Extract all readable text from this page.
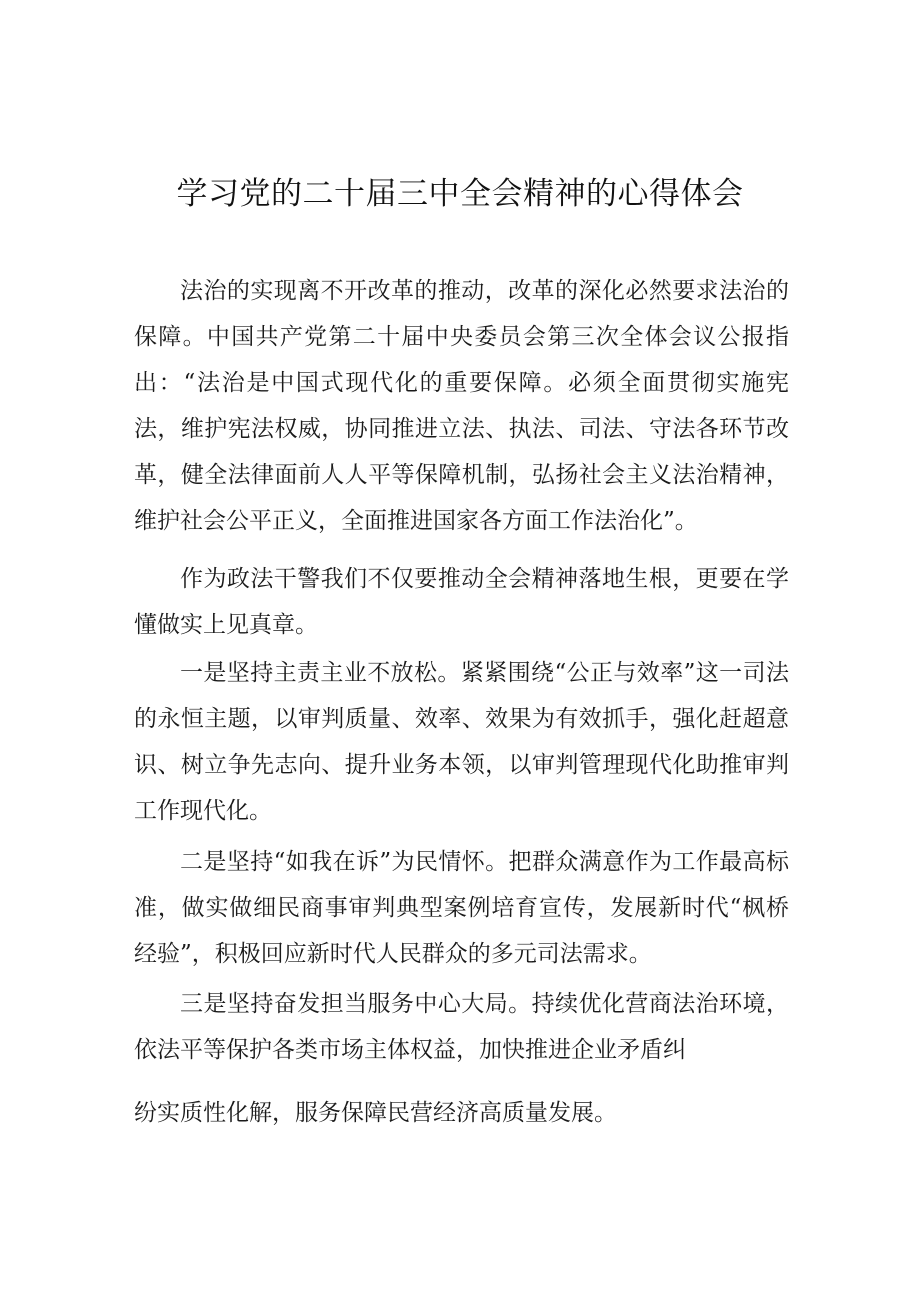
学习党的二十届三中全会精神的心得体会

法治的实现离不开改革的推动，改革的深化必然要求法治的保障。中国共产党第二十届中央委员会第三次全体会议公报指出：“法治是中国式现代化的重要保障。必须全面贯彻实施宪法，维护宪法权威，协同推进立法、执法、司法、守法各环节改革，健全法律面前人人平等保障机制，弘扬社会主义法治精神，维护社会公平正义，全面推进国家各方面工作法治化”。

作为政法干警我们不仅要推动全会精神落地生根，更要在学懂做实上见真章。

一是坚持主责主业不放松。紧紧围绕“公正与效率”这一司法的永恒主题，以审判质量、效率、效果为有效抓手，强化赶超意识、树立争先志向、提升业务本领，以审判管理现代化助推审判工作现代化。

二是坚持“如我在诉”为民情怀。把群众满意作为工作最高标准，做实做细民商事审判典型案例培育宣传，发展新时代“枫桥经验”，积极回应新时代人民群众的多元司法需求。

三是坚持奋发担当服务中心大局。持续优化营商法治环境，依法平等保护各类市场主体权益，加快推进企业矛盾纠

纷实质性化解，服务保障民营经济高质量发展。
